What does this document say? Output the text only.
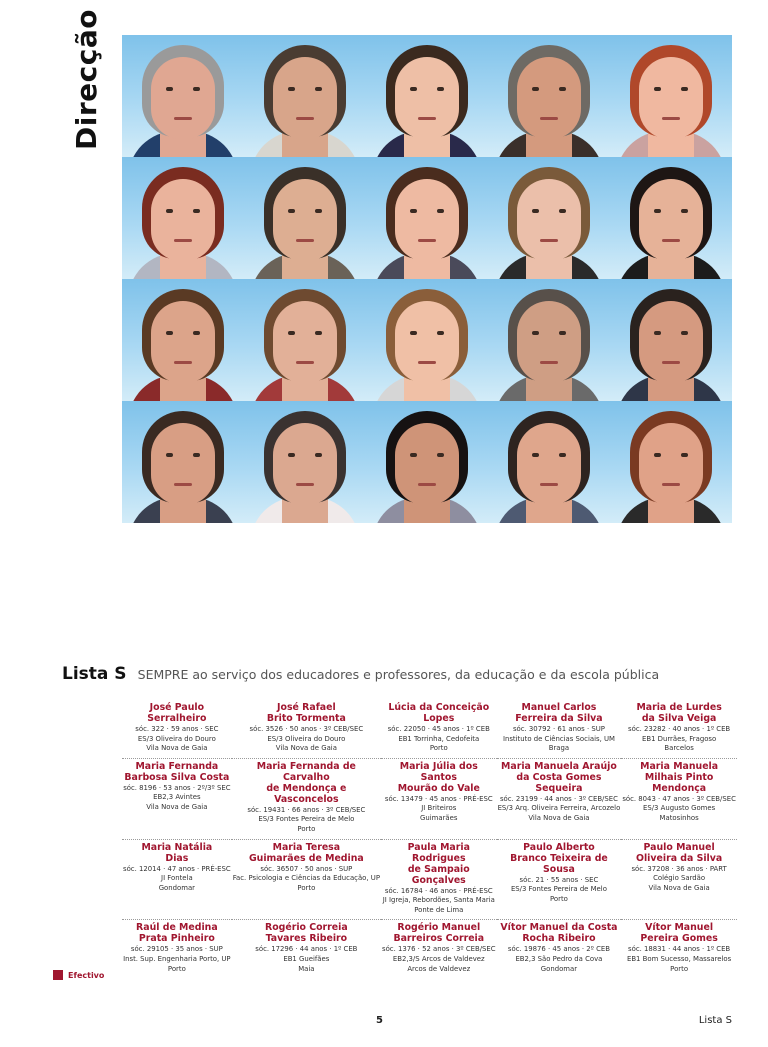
Direcção
Lista S SEMPRE ao serviço dos educadores e professores, da educação e da escola pública
José Paulo
Serralheiro
sóc. 322 · 59 anos · SEC
ES/3 Oliveira do Douro
Vila Nova de Gaia
José Rafael
Brito Tormenta
sóc. 3526 · 50 anos · 3º CEB/SEC
ES/3 Oliveira do Douro
Vila Nova de Gaia
Lúcia da Conceição
Lopes
sóc. 22050 · 45 anos · 1º CEB
EB1 Torrinha, Cedofeita
Porto
Manuel Carlos
Ferreira da Silva
sóc. 30792 · 61 anos · SUP
Instituto de Ciências Sociais, UM
Braga
Maria de Lurdes
da Silva Veiga
sóc. 23282 · 40 anos · 1º CEB
EB1 Durrães, Fragoso
Barcelos
Maria Fernanda
Barbosa Silva Costa
sóc. 8196 · 53 anos · 2º/3º SEC
EB2,3 Avintes
Vila Nova de Gaia
Maria Fernanda de Carvalho
de Mendonça e Vasconcelos
sóc. 19431 · 66 anos · 3º CEB/SEC
ES/3 Fontes Pereira de Melo
Porto
Maria Júlia dos Santos
Mourão do Vale
sóc. 13479 · 45 anos · PRÉ-ESC
JI Briteiros
Guimarães
Maria Manuela Araújo
da Costa Gomes Sequeira
sóc. 23199 · 44 anos · 3º CEB/SEC
ES/3 Arq. Oliveira Ferreira, Arcozelo
Vila Nova de Gaia
Maria Manuela
Milhais Pinto Mendonça
sóc. 8043 · 47 anos · 3º CEB/SEC
ES/3 Augusto Gomes
Matosinhos
Maria Natália
Dias
sóc. 12014 · 47 anos · PRÉ-ESC
JI Fontela
Gondomar
Maria Teresa
Guimarães de Medina
sóc. 36507 · 50 anos · SUP
Fac. Psicologia e Ciências da Educação, UP
Porto
Paula Maria Rodrigues
de Sampaio Gonçalves
sóc. 16784 · 46 anos · PRÉ-ESC
JI Igreja, Rebordões, Santa Maria
Ponte de Lima
Paulo Alberto
Branco Teixeira de Sousa
sóc. 21 · 55 anos · SEC
ES/3 Fontes Pereira de Melo
Porto
Paulo Manuel
Oliveira da Silva
sóc. 37208 · 36 anos · PART
Colégio Sardão
Vila Nova de Gaia
Raúl de Medina
Prata Pinheiro
sóc. 29105 · 35 anos · SUP
Inst. Sup. Engenharia Porto, UP
Porto
Rogério Correia
Tavares Ribeiro
sóc. 17296 · 44 anos · 1º CEB
EB1 Gueifães
Maia
Rogério Manuel
Barreiros Correia
sóc. 1376 · 52 anos · 3º CEB/SEC
EB2,3/S Arcos de Valdevez
Arcos de Valdevez
Vítor Manuel da Costa
Rocha Ribeiro
sóc. 19876 · 45 anos · 2º CEB
EB2,3 São Pedro da Cova
Gondomar
Vítor Manuel
Pereira Gomes
sóc. 18831 · 44 anos · 1º CEB
EB1 Bom Sucesso, Massarelos
Porto
Efectivo
5	Lista S
